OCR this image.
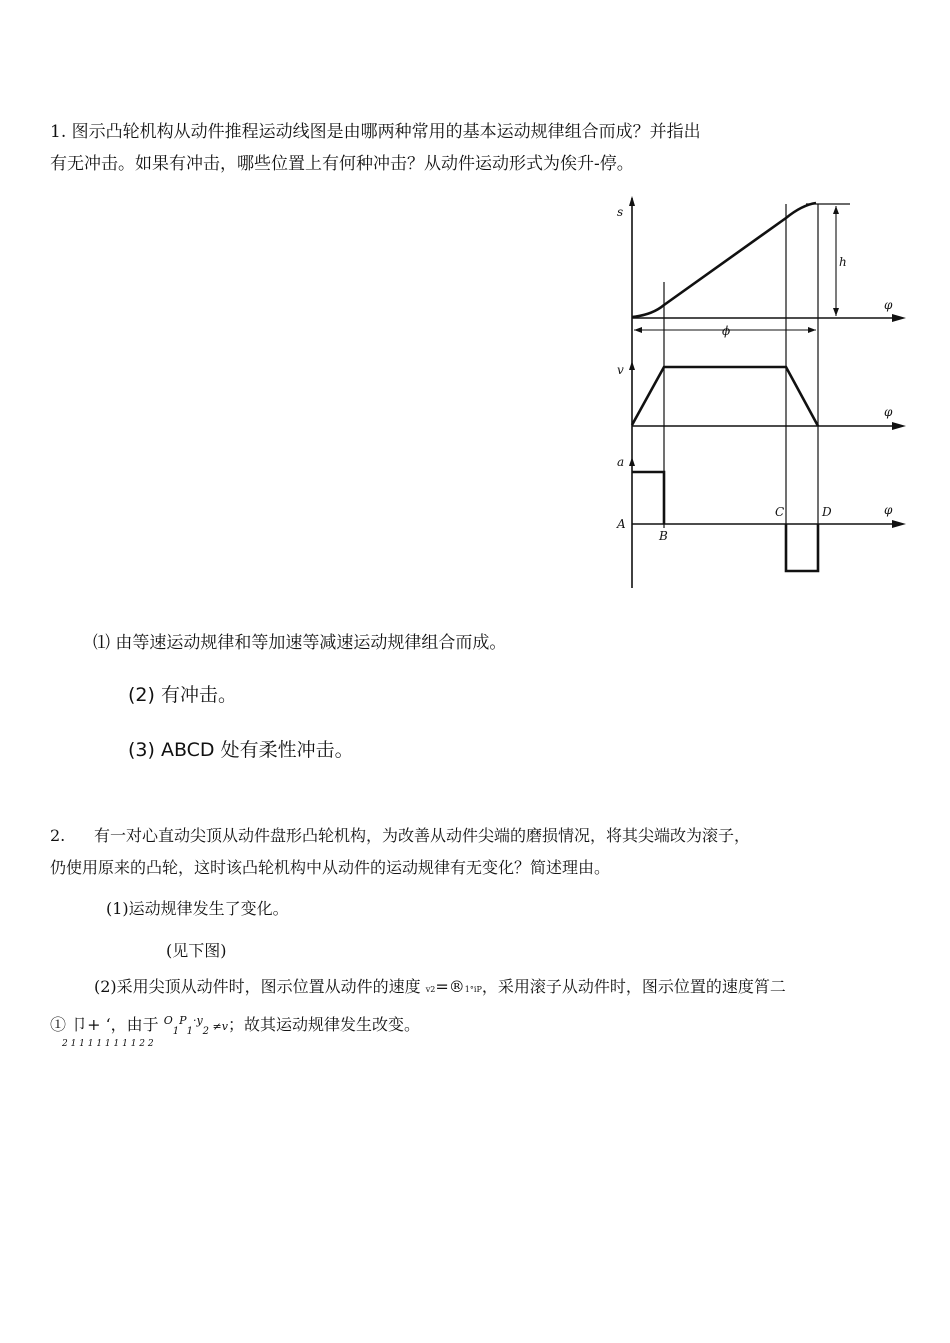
1. 图示凸轮机构从动件推程运动线图是由哪两种常用的基本运动规律组合而成？并指出
有无冲击。如果有冲击，哪些位置上有何种冲击？从动件运动形式为俟升-停。
s
h
φ
ϕ
v
φ
a
A
B
C	D	φ
⑴ 由等速运动规律和等加速等减速运动规律组合而成。
(2) 有冲击。
(3) ABCD 处有柔性冲击。
2. 有一对心直动尖顶从动件盘形凸轮机构，为改善从动件尖端的磨损情况，将其尖端改为滚子，
仍使用原来的凸轮，这时该凸轮机构中从动件的运动规律有无变化？简述理由。
(1)运动规律发生了变化。
(见下图)
(2)采用尖顶从动件时，图示位置从动件的速度 v2=®1°iP，采用滚子从动件时，图示位置的速度筲二
① 卩+ ‘，由于 $^O_1^P_1^{\cdot y}_2$ ≠v；故其运动规律发生改变。
2 1 1 1 1 1 1 1 1 2 2
